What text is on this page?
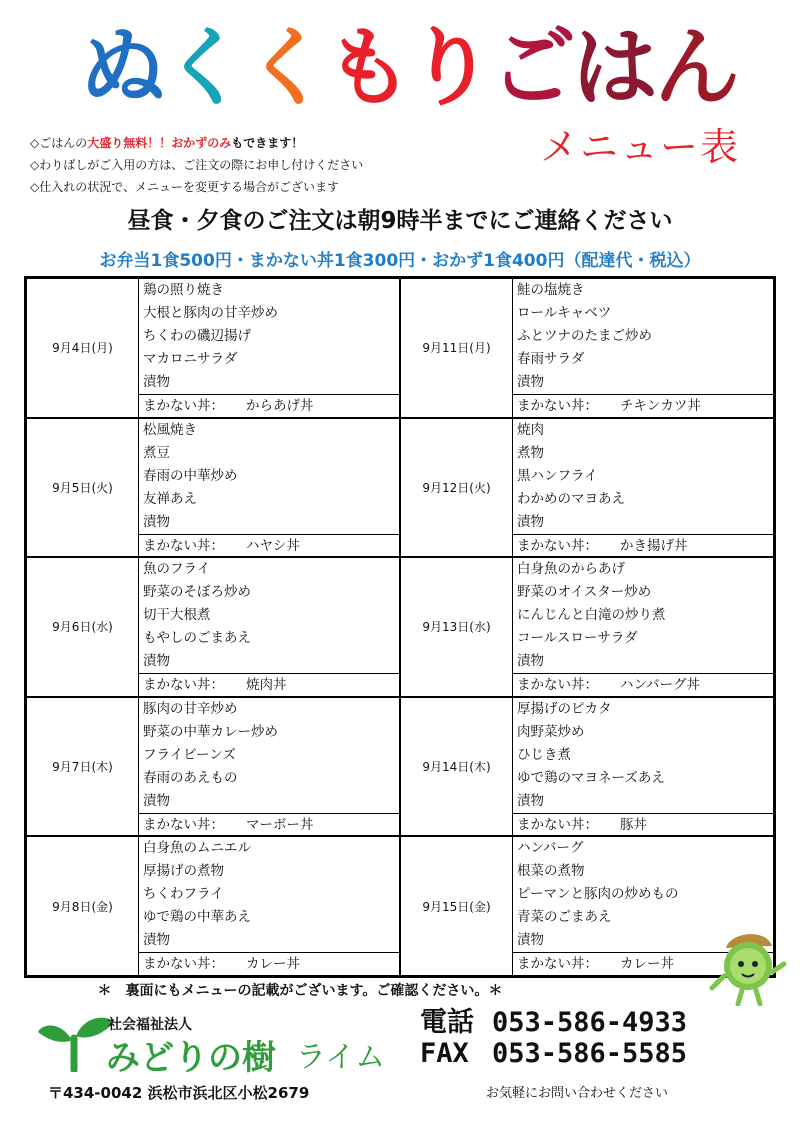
ぬくくもりごはん
メニュー表
◇ごはんの大盛り無料！！おかずのみもできます！
◇わりばしがご入用の方は、ご注文の際にお申し付けください
◇仕入れの状況で、メニューを変更する場合がございます
昼食・夕食のご注文は朝9時半までにご連絡ください
お弁当1食500円・まかない丼1食300円・おかず1食400円（配達代・税込）
9月4日(月)
鶏の照り焼き
大根と豚肉の甘辛炒め
ちくわの磯辺揚げ
マカロニサラダ
漬物
まかない丼： からあげ丼
9月5日(火)
松風焼き
煮豆
春雨の中華炒め
友禅あえ
漬物
まかない丼： ハヤシ丼
9月6日(水)
魚のフライ
野菜のそぼろ炒め
切干大根煮
もやしのごまあえ
漬物
まかない丼： 焼肉丼
9月7日(木)
豚肉の甘辛炒め
野菜の中華カレー炒め
フライビーンズ
春雨のあえもの
漬物
まかない丼： マーボー丼
9月8日(金)
白身魚のムニエル
厚揚げの煮物
ちくわフライ
ゆで鶏の中華あえ
漬物
まかない丼： カレー丼
9月11日(月)
鮭の塩焼き
ロールキャベツ
ふとツナのたまご炒め
春雨サラダ
漬物
まかない丼： チキンカツ丼
9月12日(火)
焼肉
煮物
黒ハンフライ
わかめのマヨあえ
漬物
まかない丼： かき揚げ丼
9月13日(水)
白身魚のからあげ
野菜のオイスター炒め
にんじんと白滝の炒り煮
コールスローサラダ
漬物
まかない丼： ハンバーグ丼
9月14日(木)
厚揚げのピカタ
肉野菜炒め
ひじき煮
ゆで鶏のマヨネーズあえ
漬物
まかない丼： 豚丼
9月15日(金)
ハンバーグ
根菜の煮物
ピーマンと豚肉の炒めもの
青菜のごまあえ
漬物
まかない丼： カレー丼
＊　裏面にもメニューの記載がございます。ご確認ください。＊
社会福祉法人
みどりの樹 ライム
電話 053-586-4933
FAX 053-586-5585
〒434-0042 浜松市浜北区小松2679	お気軽にお問い合わせください
